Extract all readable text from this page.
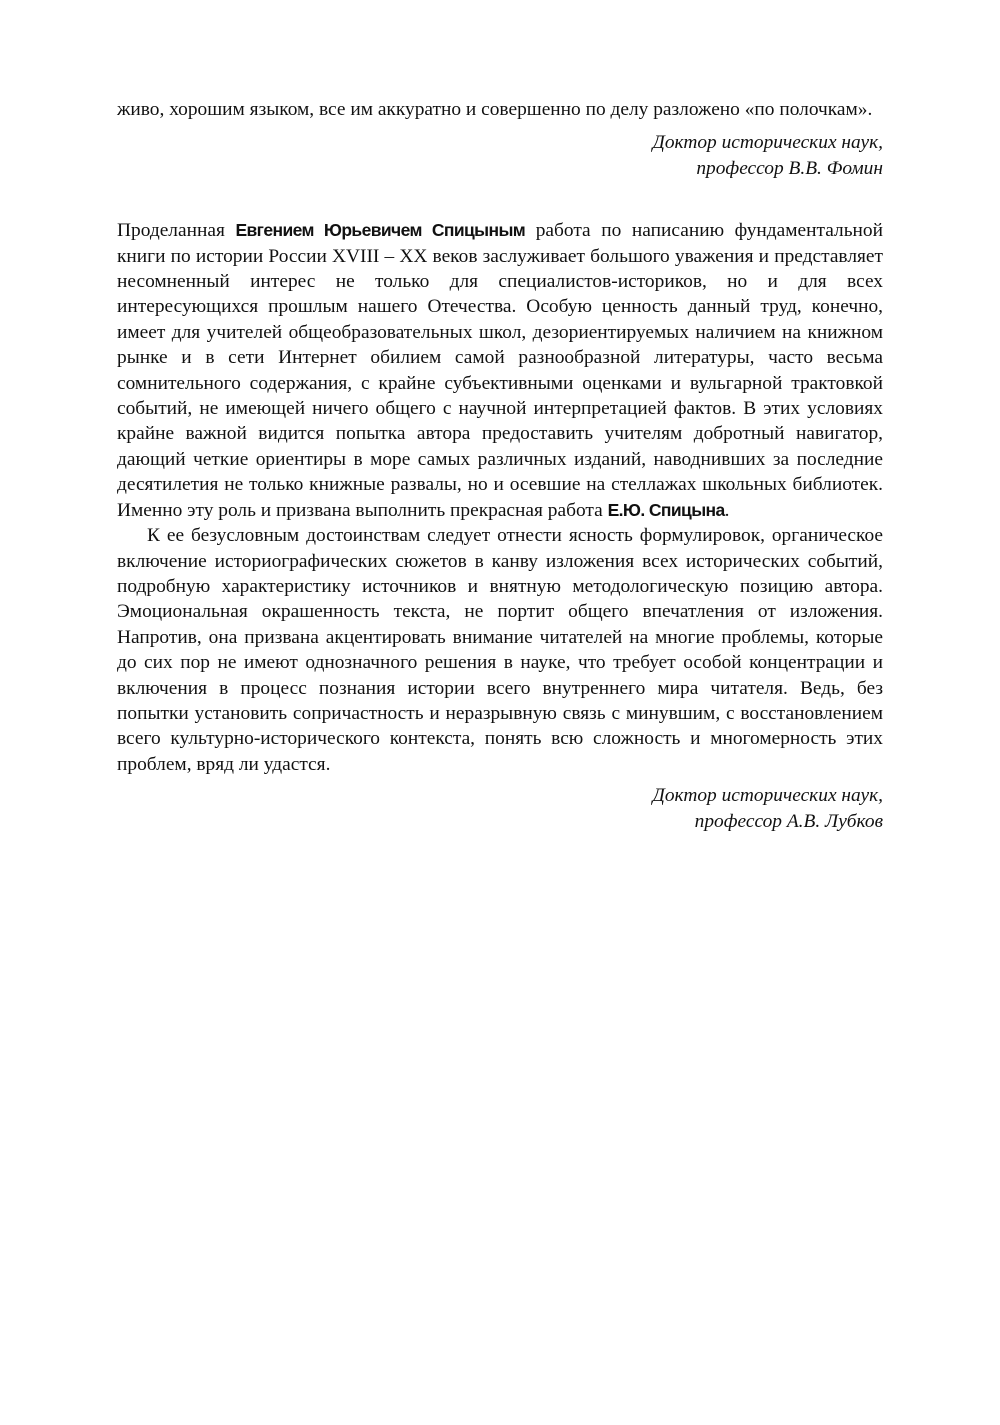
живо, хорошим языком, все им аккуратно и совершенно по делу разложено «по полочкам».

Доктор исторических наук,
профессор В.В. Фомин

Проделанная Евгением Юрьевичем Спицыным работа по написанию фундаментальной книги по истории России XVIII – XX веков заслуживает большого уважения и представляет несомненный интерес не только для специалистов-историков, но и для всех интересующихся прошлым нашего Отечества. Особую ценность данный труд, конечно, имеет для учителей общеобразовательных школ, дезориентируемых наличием на книжном рынке и в сети Интернет обилием самой разнообразной литературы, часто весьма сомнительного содержания, с крайне субъективными оценками и вульгарной трактовкой событий, не имеющей ничего общего с научной интерпретацией фактов. В этих условиях крайне важной видится попытка автора предоставить учителям добротный навигатор, дающий четкие ориентиры в море самых различных изданий, наводнивших за последние десятилетия не только книжные развалы, но и осевшие на стеллажах школьных библиотек. Именно эту роль и призвана выполнить прекрасная работа Е.Ю. Спицына.

К ее безусловным достоинствам следует отнести ясность формулировок, органическое включение историографических сюжетов в канву изложения всех исторических событий, подробную характеристику источников и внятную методологическую позицию автора. Эмоциональная окрашенность текста, не портит общего впечатления от изложения. Напротив, она призвана акцентировать внимание читателей на многие проблемы, которые до сих пор не имеют однозначного решения в науке, что требует особой концентрации и включения в процесс познания истории всего внутреннего мира читателя. Ведь, без попытки установить сопричастность и неразрывную связь с минувшим, с восстановлением всего культурно-исторического контекста, понять всю сложность и многомерность этих проблем, вряд ли удастся.

Доктор исторических наук,
профессор А.В. Лубков
